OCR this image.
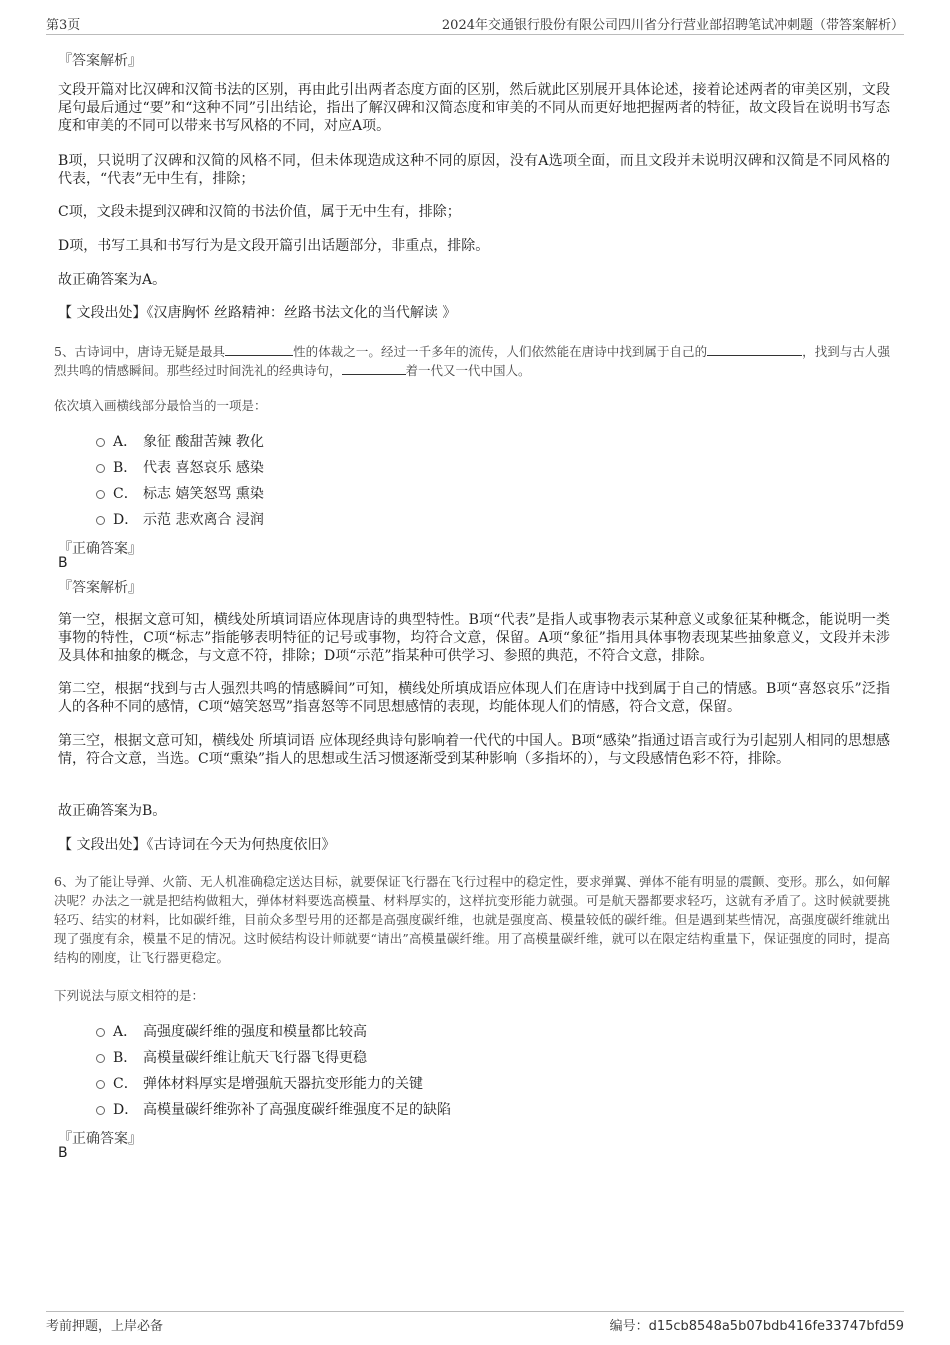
第3页	2024年交通银行股份有限公司四川省分行营业部招聘笔试冲刺题（带答案解析）
『答案解析』
文段开篇对比汉碑和汉简书法的区别，再由此引出两者态度方面的区别，然后就此区别展开具体论述，接着论述两者的审美区别，文段尾句最后通过“要”和“这种不同”引出结论，指出了解汉碑和汉简态度和审美的不同从而更好地把握两者的特征，故文段旨在说明书写态度和审美的不同可以带来书写风格的不同，对应A项。
B项，只说明了汉碑和汉简的风格不同，但未体现造成这种不同的原因，没有A选项全面，而且文段并未说明汉碑和汉简是不同风格的代表，“代表”无中生有，排除；
C项，文段未提到汉碑和汉简的书法价值，属于无中生有，排除；
D项，书写工具和书写行为是文段开篇引出话题部分，非重点，排除。
故正确答案为A。
【 文段出处】《汉唐胸怀 丝路精神：丝路书法文化的当代解读 》
5、古诗词中，唐诗无疑是最具	性的体裁之一。经过一千多年的流传，人们依然能在唐诗中找到属于自己的	，找到与古人强烈共鸣的情感瞬间。那些经过时间洗礼的经典诗句，	着一代又一代中国人。
依次填入画横线部分最恰当的一项是：
A． 象征 酸甜苦辣 教化
B． 代表 喜怒哀乐 感染
C． 标志 嬉笑怒骂 熏染
D． 示范 悲欢离合 浸润
『正确答案』
B
『答案解析』
第一空，根据文意可知，横线处所填词语应体现唐诗的典型特性。B项“代表”是指人或事物表示某种意义或象征某种概念，能说明一类事物的特性，C项“标志”指能够表明特征的记号或事物，均符合文意，保留。A项“象征”指用具体事物表现某些抽象意义，文段并未涉及具体和抽象的概念，与文意不符，排除；D项“示范”指某种可供学习、参照的典范，不符合文意，排除。
第二空，根据“找到与古人强烈共鸣的情感瞬间”可知，横线处所填成语应体现人们在唐诗中找到属于自己的情感。B项“喜怒哀乐”泛指人的各种不同的感情，C项“嬉笑怒骂”指喜怒等不同思想感情的表现，均能体现人们的情感，符合文意，保留。
第三空，根据文意可知，横线处 所填词语 应体现经典诗句影响着一代代的中国人。B项“感染”指通过语言或行为引起别人相同的思想感情，符合文意，当选。C项“熏染”指人的思想或生活习惯逐渐受到某种影响（多指坏的），与文段感情色彩不符，排除。
故正确答案为B。
【 文段出处】《古诗词在今天为何热度依旧》
6、为了能让导弹、火箭、无人机准确稳定送达目标，就要保证飞行器在飞行过程中的稳定性，要求弹翼、弹体不能有明显的震颤、变形。那么，如何解决呢？办法之一就是把结构做粗大，弹体材料要选高模量、材料厚实的，这样抗变形能力就强。可是航天器都要求轻巧，这就有矛盾了。这时候就要挑轻巧、结实的材料，比如碳纤维，目前众多型号用的还都是高强度碳纤维，也就是强度高、模量较低的碳纤维。但是遇到某些情况，高强度碳纤维就出现了强度有余，模量不足的情况。这时候结构设计师就要“请出”高模量碳纤维。用了高模量碳纤维，就可以在限定结构重量下，保证强度的同时，提高结构的刚度，让飞行器更稳定。
下列说法与原文相符的是：
A． 高强度碳纤维的强度和模量都比较高
B． 高模量碳纤维让航天飞行器飞得更稳
C． 弹体材料厚实是增强航天器抗变形能力的关键
D． 高模量碳纤维弥补了高强度碳纤维强度不足的缺陷
『正确答案』
B
考前押题，上岸必备	编号：d15cb8548a5b07bdb416fe33747bfd59
